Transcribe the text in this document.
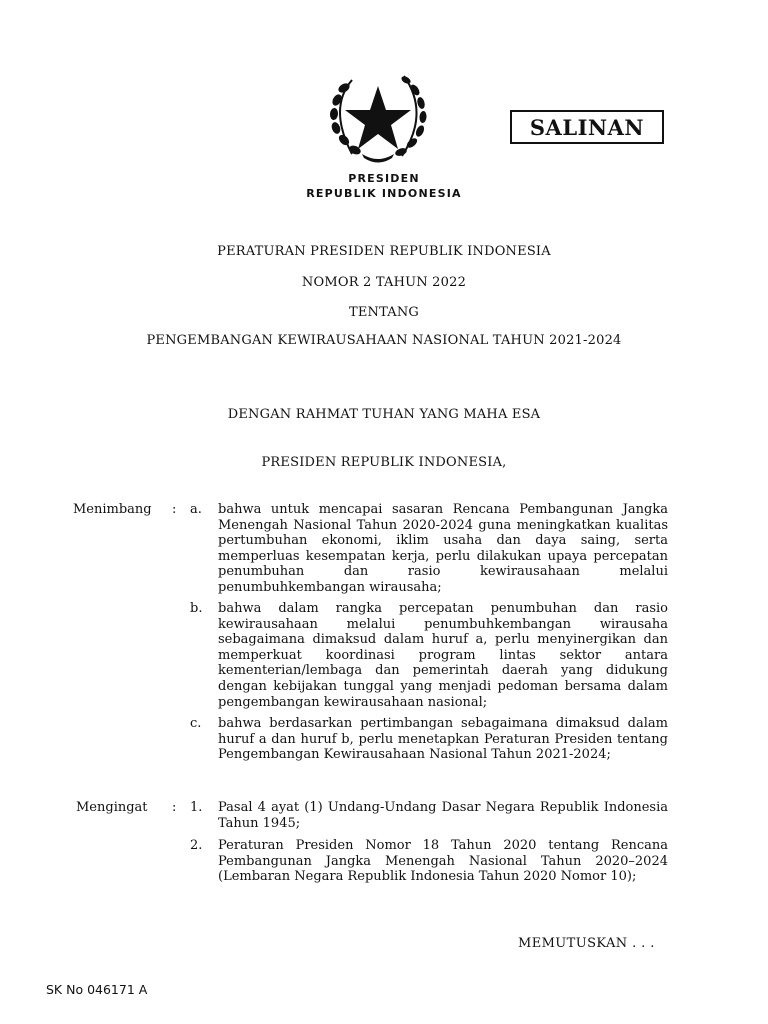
SALINAN
PRESIDEN
REPUBLIK INDONESIA
PERATURAN PRESIDEN REPUBLIK INDONESIA
NOMOR 2 TAHUN 2022
TENTANG
PENGEMBANGAN KEWIRAUSAHAAN NASIONAL TAHUN 2021-2024
DENGAN RAHMAT TUHAN YANG MAHA ESA
PRESIDEN REPUBLIK INDONESIA,
Menimbang : a. bahwa untuk mencapai sasaran Rencana Pembangunan Jangka Menengah Nasional Tahun 2020-2024 guna meningkatkan kualitas pertumbuhan ekonomi, iklim usaha dan daya saing, serta memperluas kesempatan kerja, perlu dilakukan upaya percepatan penumbuhan dan rasio kewirausahaan melalui penumbuhkembangan wirausaha;
b. bahwa dalam rangka percepatan penumbuhan dan rasio kewirausahaan melalui penumbuhkembangan wirausaha sebagaimana dimaksud dalam huruf a, perlu menyinergikan dan memperkuat koordinasi program lintas sektor antara kementerian/lembaga dan pemerintah daerah yang didukung dengan kebijakan tunggal yang menjadi pedoman bersama dalam pengembangan kewirausahaan nasional;
c. bahwa berdasarkan pertimbangan sebagaimana dimaksud dalam huruf a dan huruf b, perlu menetapkan Peraturan Presiden tentang Pengembangan Kewirausahaan Nasional Tahun 2021-2024;
Mengingat : 1. Pasal 4 ayat (1) Undang-Undang Dasar Negara Republik Indonesia Tahun 1945;
2. Peraturan Presiden Nomor 18 Tahun 2020 tentang Rencana Pembangunan Jangka Menengah Nasional Tahun 2020–2024 (Lembaran Negara Republik Indonesia Tahun 2020 Nomor 10);
MEMUTUSKAN . . .
SK No 046171 A
